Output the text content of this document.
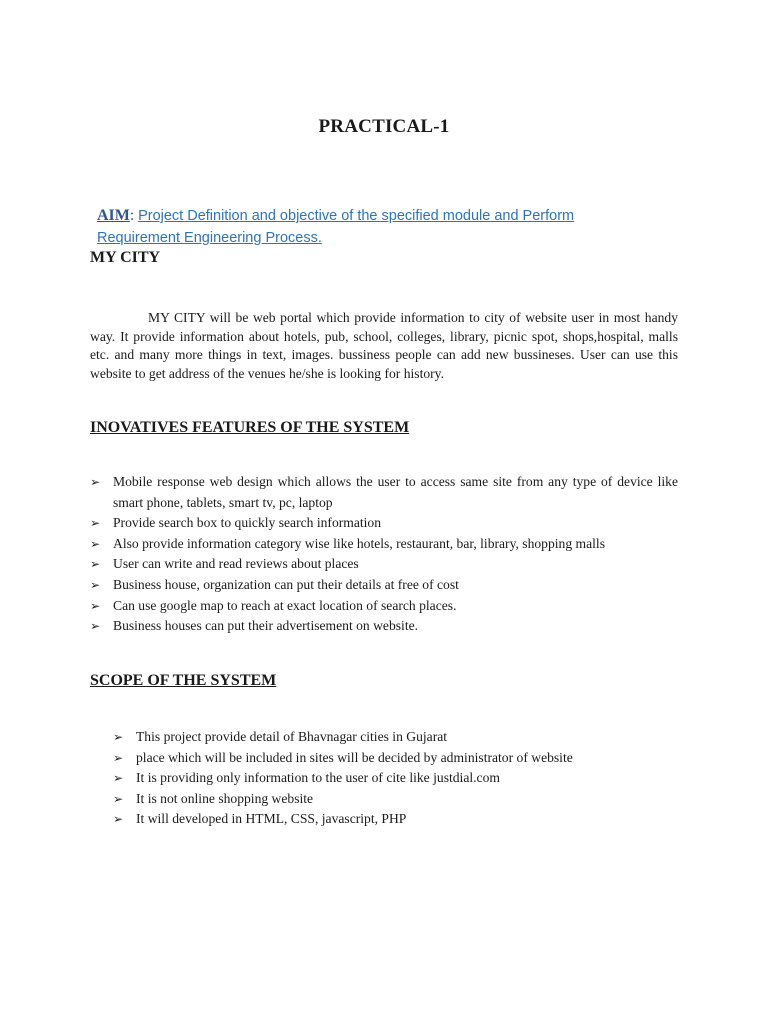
PRACTICAL-1
AIM: Project Definition and objective of the specified module and Perform Requirement Engineering Process.
MY CITY
MY CITY will be web portal which provide information to city of website user in most handy way. It provide information about hotels, pub, school, colleges, library, picnic spot, shops,hospital, malls etc. and many more things in text, images. bussiness people can add new bussineses. User can use this website to get address of the venues he/she is looking for history.
INOVATIVES FEATURES OF THE SYSTEM
➢ Mobile response web design which allows the user to access same site from any type of device like smart phone, tablets, smart tv, pc, laptop
➢ Provide search box to quickly search information
➢ Also provide information category wise like hotels, restaurant, bar, library, shopping malls
➢ User can write and read reviews about places
➢ Business house, organization can put their details at free of cost
➢ Can use google map to reach at exact location of search places.
➢ Business houses can put their advertisement on website.
SCOPE OF THE SYSTEM
➢ This project provide detail of Bhavnagar cities in Gujarat
➢ place which will be included in sites will be decided by administrator of website
➢ It is providing only information to the user of cite like justdial.com
➢ It is not online shopping website
➢ It will developed in HTML, CSS, javascript, PHP
